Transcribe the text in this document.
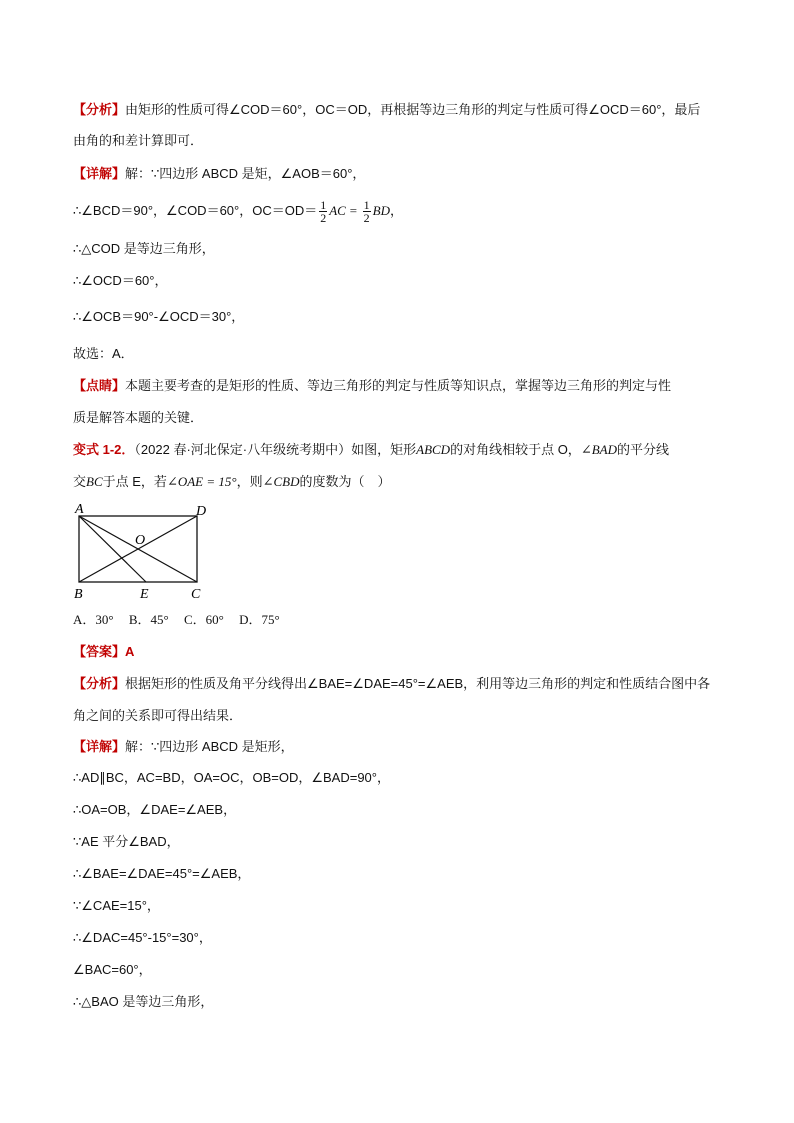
【分析】由矩形的性质可得∠COD＝60°，OC＝OD，再根据等边三角形的判定与性质可得∠OCD＝60°，最后
由角的和差计算即可．
【详解】解：∵四边形 ABCD 是矩，∠AOB＝60°，
∴∠BCD＝90°，∠COD＝60°，$OC=OD= \frac{1}{2}$ AC = $\frac{1}{2}$ BD，
∴△COD 是等边三角形，
∴∠OCD＝60°，
∴∠OCB＝90°-∠OCD＝30°，
故选：A．
【点睛】本题主要考查的是矩形的性质、等边三角形的判定与性质等知识点，掌握等边三角形的判定与性
质是解答本题的关键．
变式 1-2．（2022 春·河北保定·八年级统考期中）如图，矩形ABCD的对角线相较于点 O，∠BAD的平分线
交BC于点 E，若∠OAE = 15°，则∠CBD的度数为（　）
A	D
O
B	E	C
A．30° B．45° C．60° D．75°
【答案】A
【分析】根据矩形的性质及角平分线得出∠BAE=∠DAE=45°=∠AEB，利用等边三角形的判定和性质结合图中各
角之间的关系即可得出结果．
【详解】解：∵四边形 ABCD 是矩形，
∴AD∥BC，AC=BD，OA=OC，OB=OD，∠BAD=90°，
∴OA=OB，∠DAE=∠AEB，
∵AE 平分∠BAD，
∴∠BAE=∠DAE=45°=∠AEB，
∵∠CAE=15°，
∴∠DAC=45°-15°=30°，
∠BAC=60°，
∴△BAO 是等边三角形，
